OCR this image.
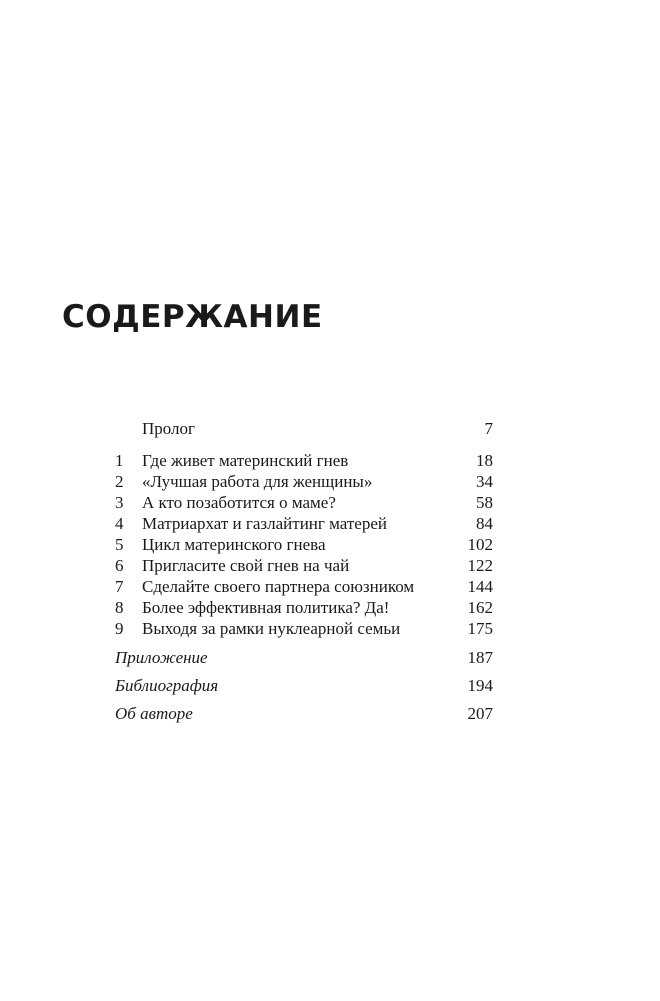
СОДЕРЖАНИЕ
Пролог	7
1 Где живет материнский гнев	18
2 «Лучшая работа для женщины»	34
3 А кто позаботится о маме?	58
4 Матриархат и газлайтинг матерей	84
5 Цикл материнского гнева	102
6 Пригласите свой гнев на чай	122
7 Сделайте своего партнера союзником	144
8 Более эффективная политика? Да!	162
9 Выходя за рамки нуклеарной семьи	175
Приложение	187
Библиография	194
Об авторе	207
